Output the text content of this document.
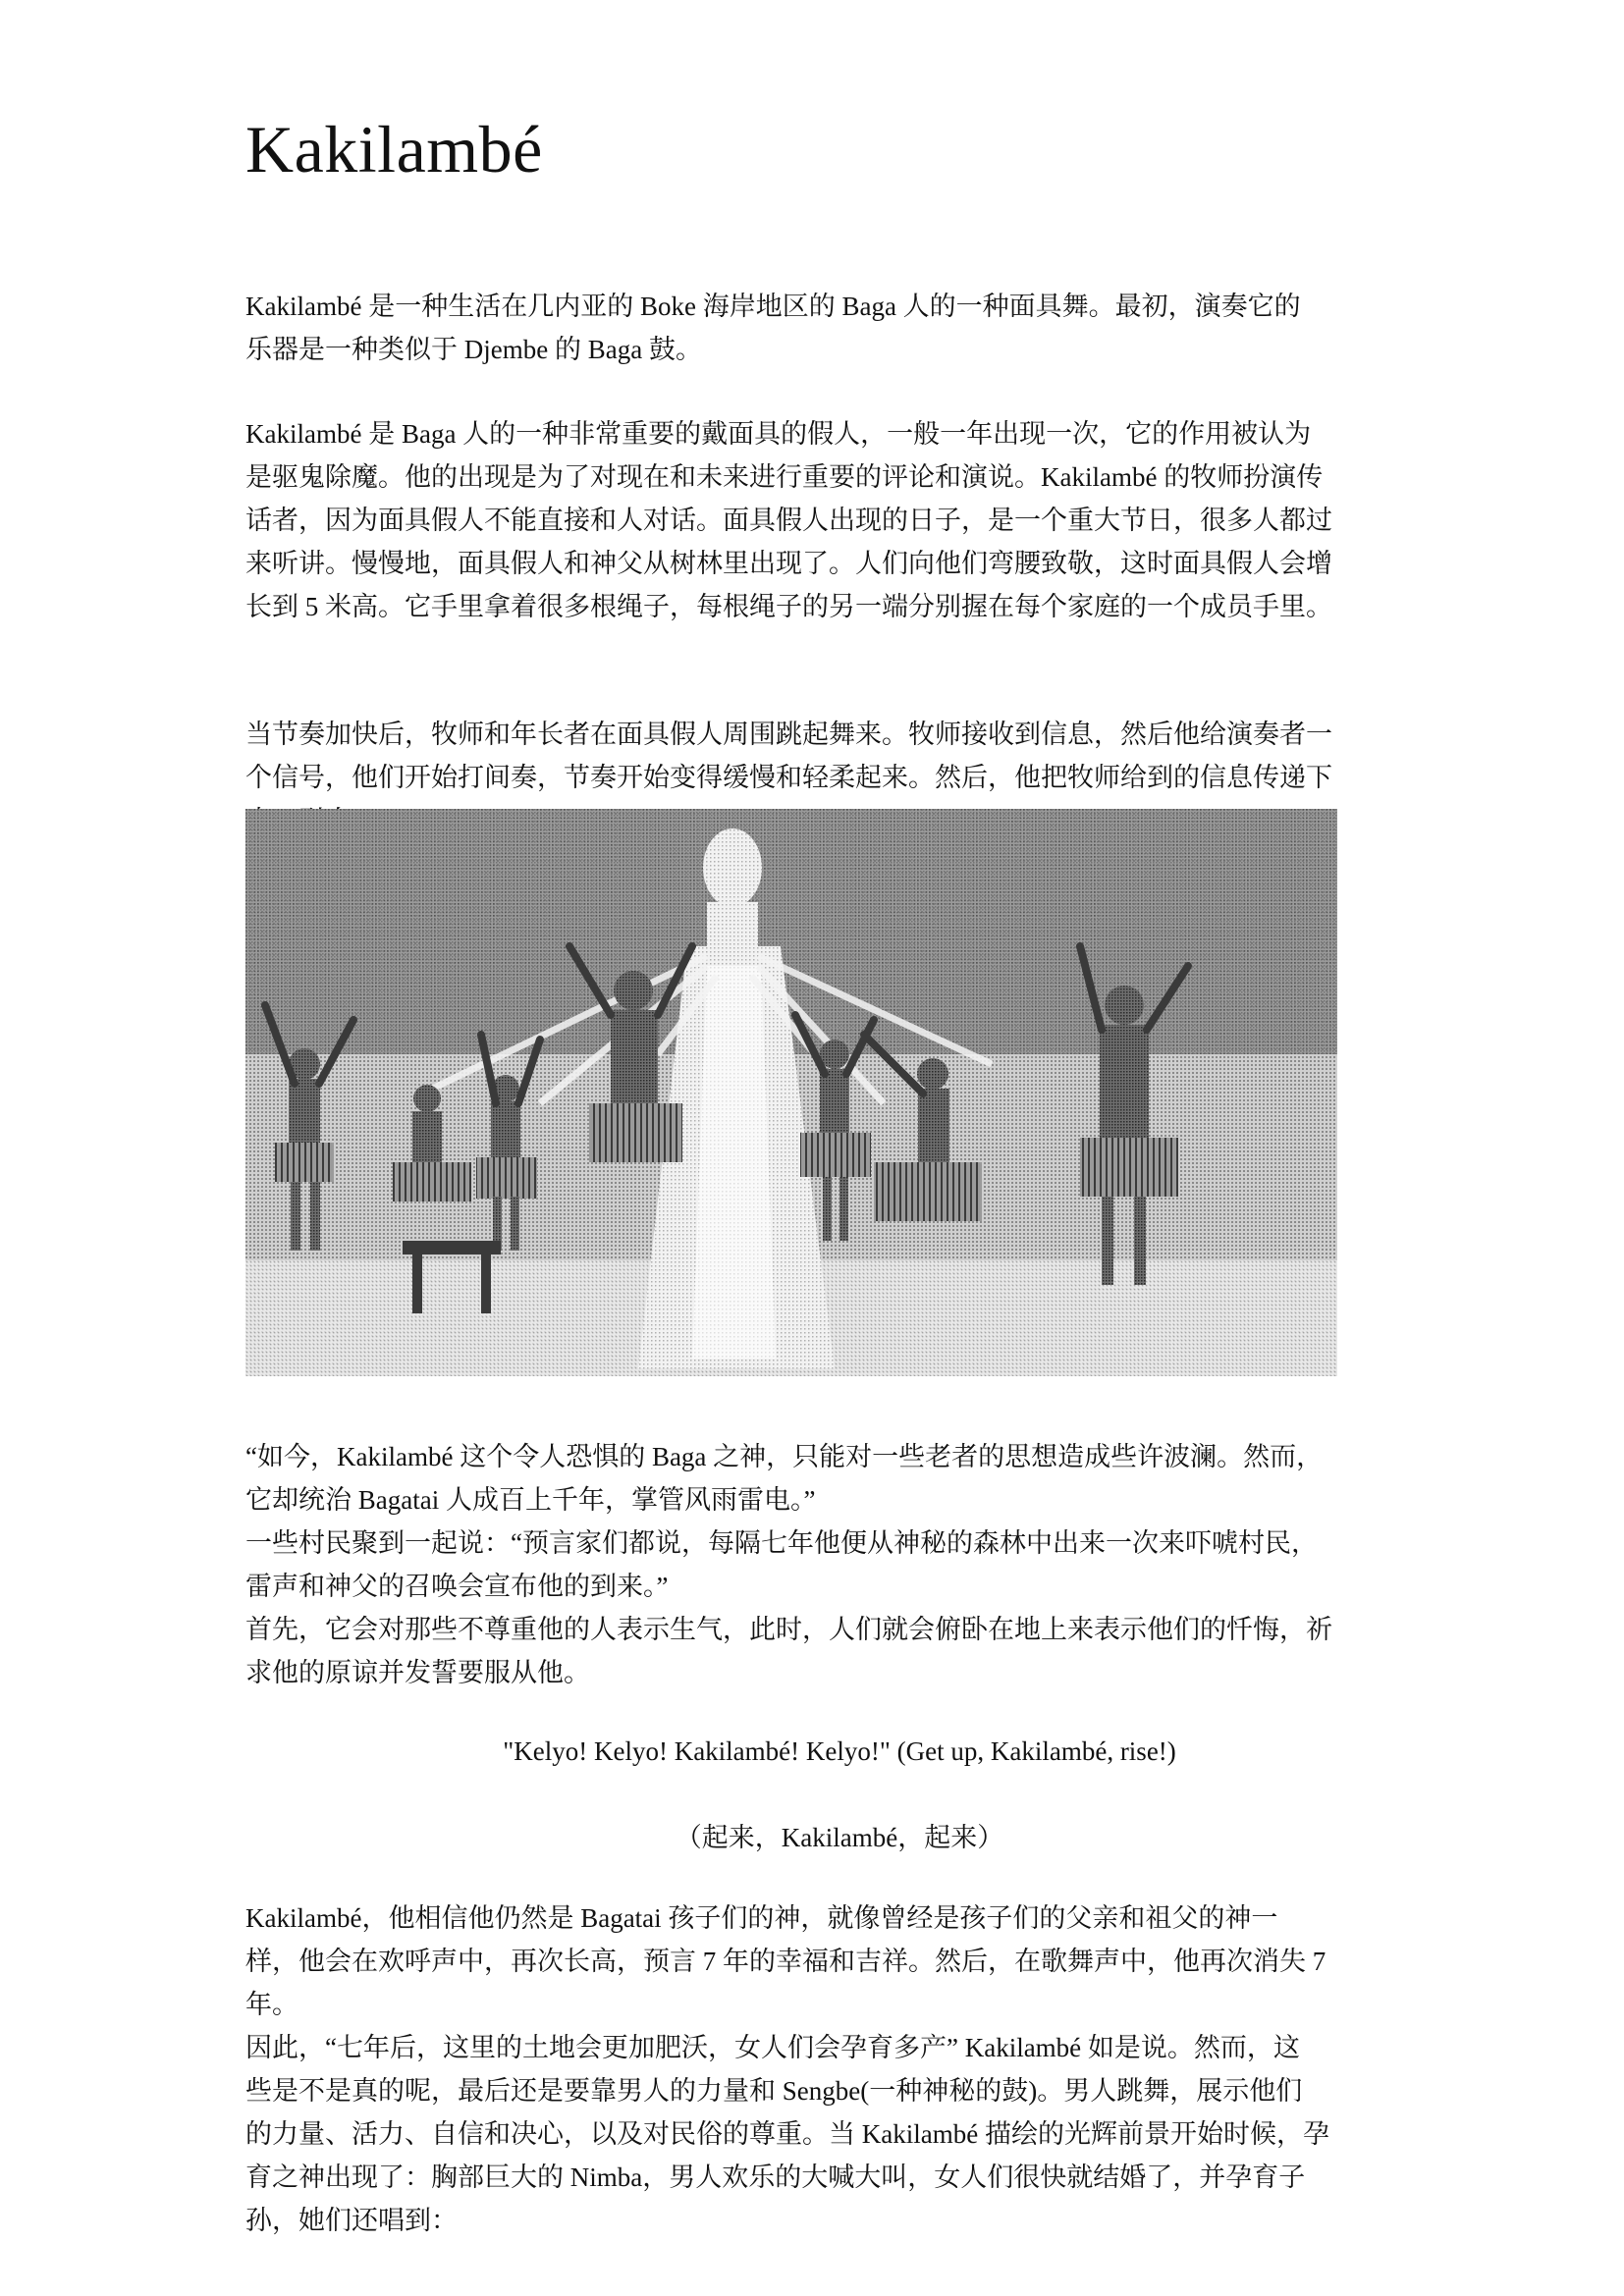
Kakilambé

Kakilambé 是一种生活在几内亚的 Boke 海岸地区的 Baga 人的一种面具舞。最初，演奏它的
乐器是一种类似于 Djembe 的 Baga 鼓。

Kakilambé 是 Baga 人的一种非常重要的戴面具的假人，一般一年出现一次，它的作用被认为
是驱鬼除魔。他的出现是为了对现在和未来进行重要的评论和演说。Kakilambé 的牧师扮演传
话者，因为面具假人不能直接和人对话。面具假人出现的日子，是一个重大节日，很多人都过
来听讲。慢慢地，面具假人和神父从树林里出现了。人们向他们弯腰致敬，这时面具假人会增
长到 5 米高。它手里拿着很多根绳子，每根绳子的另一端分别握在每个家庭的一个成员手里。

当节奏加快后，牧师和年长者在面具假人周围跳起舞来。牧师接收到信息，然后他给演奏者一
个信号，他们开始打间奏，节奏开始变得缓慢和轻柔起来。然后，他把牧师给到的信息传递下

“如今，Kakilambé 这个令人恐惧的 Baga 之神，只能对一些老者的思想造成些许波澜。然而，
它却统治 Bagatai 人成百上千年，掌管风雨雷电。”
一些村民聚到一起说：“预言家们都说，每隔七年他便从神秘的森林中出来一次来吓唬村民，
雷声和神父的召唤会宣布他的到来。”
首先，它会对那些不尊重他的人表示生气，此时，人们就会俯卧在地上来表示他们的忏悔，祈
求他的原谅并发誓要服从他。

"Kelyo! Kelyo! Kakilambé! Kelyo!" (Get up, Kakilambé, rise!)

（起来，Kakilambé，起来）

Kakilambé，他相信他仍然是 Bagatai 孩子们的神，就像曾经是孩子们的父亲和祖父的神一
样，他会在欢呼声中，再次长高，预言 7 年的幸福和吉祥。然后，在歌舞声中，他再次消失 7
年。
因此，“七年后，这里的土地会更加肥沃，女人们会孕育多产” Kakilambé 如是说。然而，这
些是不是真的呢，最后还是要靠男人的力量和 Sengbe(一种神秘的鼓)。男人跳舞，展示他们
的力量、活力、自信和决心，以及对民俗的尊重。当 Kakilambé 描绘的光辉前景开始时候，孕
育之神出现了：胸部巨大的 Nimba，男人欢乐的大喊大叫，女人们很快就结婚了，并孕育子
孙，她们还唱到：
